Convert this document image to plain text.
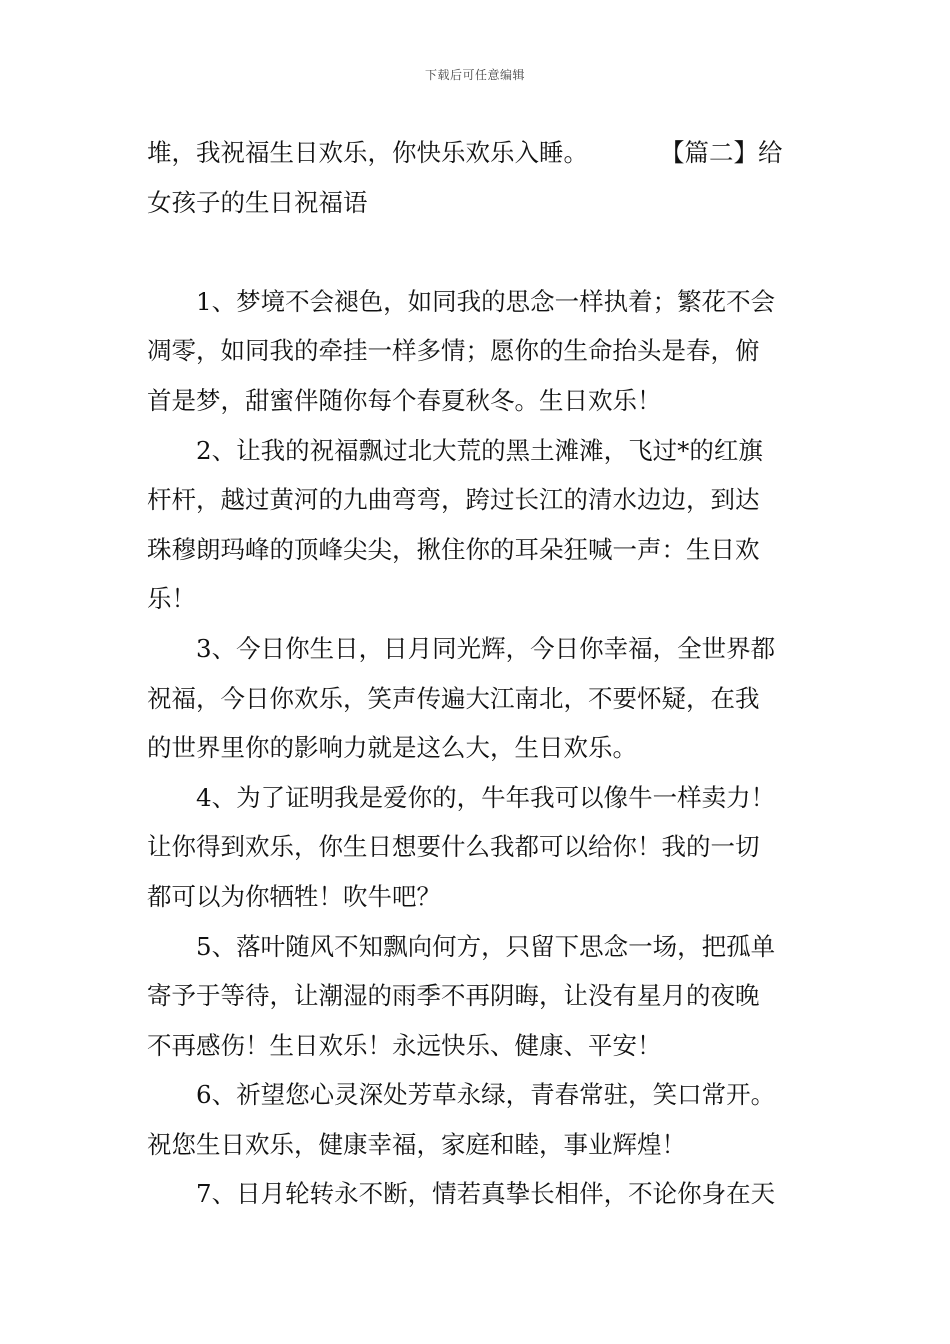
下载后可任意编辑
堆，我祝福生日欢乐，你快乐欢乐入睡。	【篇二】给
女孩子的生日祝福语
1、梦境不会褪色，如同我的思念一样执着；繁花不会
凋零，如同我的牵挂一样多情；愿你的生命抬头是春，俯
首是梦，甜蜜伴随你每个春夏秋冬。生日欢乐！
2、让我的祝福飘过北大荒的黑土滩滩，飞过*的红旗
杆杆，越过黄河的九曲弯弯，跨过长江的清水边边，到达
珠穆朗玛峰的顶峰尖尖，揪住你的耳朵狂喊一声：生日欢
乐！
3、今日你生日，日月同光辉，今日你幸福，全世界都
祝福，今日你欢乐，笑声传遍大江南北，不要怀疑，在我
的世界里你的影响力就是这么大，生日欢乐。
4、为了证明我是爱你的，牛年我可以像牛一样卖力！
让你得到欢乐，你生日想要什么我都可以给你！我的一切
都可以为你牺牲！吹牛吧？
5、落叶随风不知飘向何方，只留下思念一场，把孤单
寄予于等待，让潮湿的雨季不再阴晦，让没有星月的夜晚
不再感伤！生日欢乐！永远快乐、健康、平安！
6、祈望您心灵深处芳草永绿，青春常驻，笑口常开。
祝您生日欢乐，健康幸福，家庭和睦，事业辉煌！
7、日月轮转永不断，情若真挚长相伴，不论你身在天
